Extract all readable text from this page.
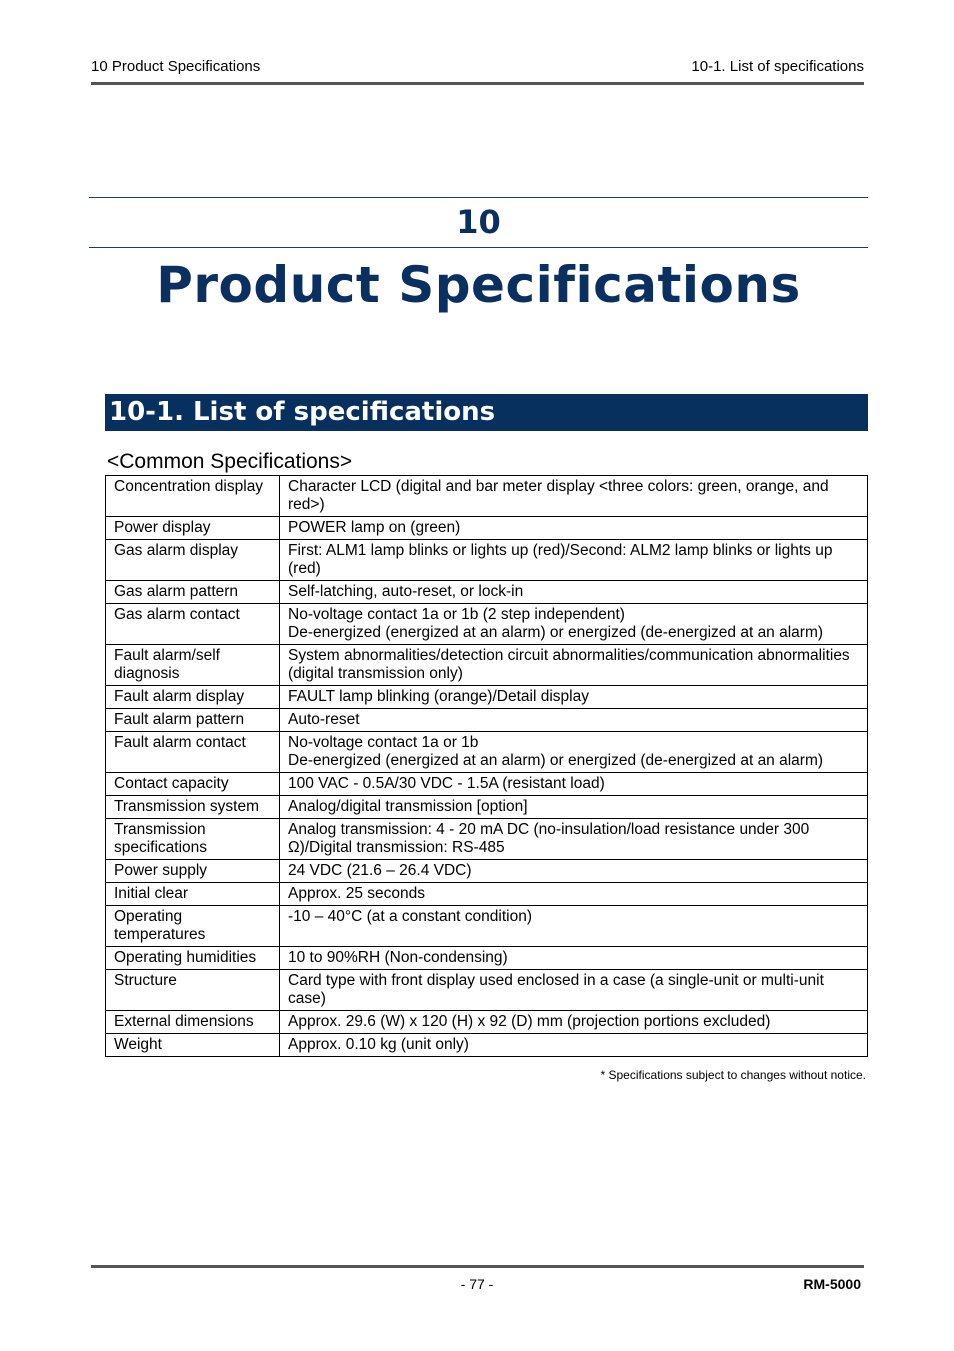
10 Product Specifications	10-1. List of specifications
10
Product Specifications
10-1. List of specifications
<Common Specifications>
Concentration display	Character LCD (digital and bar meter display <three colors: green, orange, and red>)
Power display	POWER lamp on (green)
Gas alarm display	First: ALM1 lamp blinks or lights up (red)/Second: ALM2 lamp blinks or lights up (red)
Gas alarm pattern	Self-latching, auto-reset, or lock-in
Gas alarm contact	No-voltage contact 1a or 1b (2 step independent)
De-energized (energized at an alarm) or energized (de-energized at an alarm)
Fault alarm/self diagnosis	System abnormalities/detection circuit abnormalities/communication abnormalities (digital transmission only)
Fault alarm display	FAULT lamp blinking (orange)/Detail display
Fault alarm pattern	Auto-reset
Fault alarm contact	No-voltage contact 1a or 1b
De-energized (energized at an alarm) or energized (de-energized at an alarm)
Contact capacity	100 VAC - 0.5A/30 VDC - 1.5A (resistant load)
Transmission system	Analog/digital transmission [option]
Transmission specifications	Analog transmission: 4 - 20 mA DC (no-insulation/load resistance under 300 Ω)/Digital transmission: RS-485
Power supply	24 VDC (21.6 – 26.4 VDC)
Initial clear	Approx. 25 seconds
Operating temperatures	-10 – 40°C (at a constant condition)

Operating humidities	10 to 90%RH (Non-condensing)
Structure	Card type with front display used enclosed in a case (a single-unit or multi-unit case)
External dimensions	Approx. 29.6 (W) x 120 (H) x 92 (D) mm (projection portions excluded)
Weight	Approx. 0.10 kg (unit only)
* Specifications subject to changes without notice.
- 77 -	RM-5000
